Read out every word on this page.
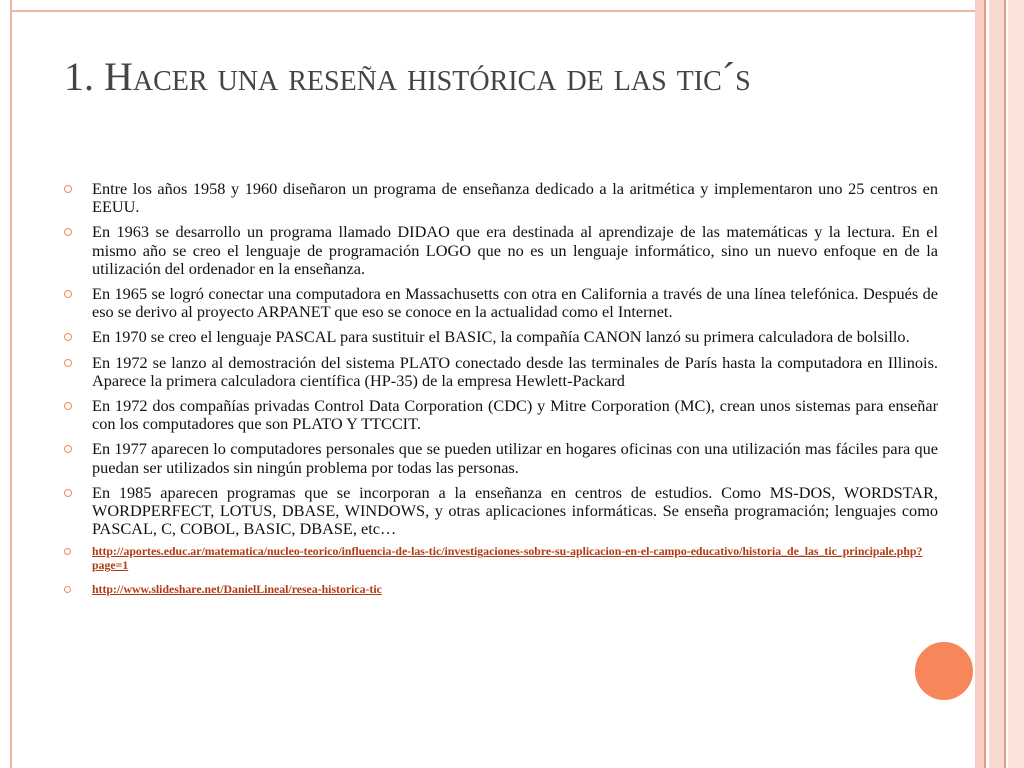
1. Hacer una reseña histórica de las tic´s
Entre los años 1958 y 1960 diseñaron un programa de enseñanza dedicado a la aritmética y implementaron uno 25 centros en EEUU.
En 1963 se desarrollo un programa llamado DIDAO que era destinada al aprendizaje de las matemáticas y la lectura. En el mismo año se creo el lenguaje de programación LOGO que no es un lenguaje informático, sino un nuevo enfoque en de la utilización del ordenador en la enseñanza.
En 1965 se logró conectar una computadora en Massachusetts con otra en California a través de una línea telefónica. Después de eso se derivo al proyecto ARPANET que eso se conoce en la actualidad como el Internet.
En 1970 se creo el lenguaje PASCAL para sustituir el BASIC, la compañía CANON lanzó su primera calculadora de bolsillo.
En 1972 se lanzo al demostración del sistema PLATO conectado desde las terminales de París hasta la computadora en Illinois. Aparece la primera calculadora científica (HP-35) de la empresa Hewlett-Packard
En 1972 dos compañías privadas Control Data Corporation (CDC) y Mitre Corporation (MC), crean unos sistemas para enseñar con los computadores que son PLATO Y TTCCIT.
En 1977 aparecen lo computadores personales que se pueden utilizar en hogares oficinas con una utilización mas fáciles para que puedan ser utilizados sin ningún problema por todas las personas.
En 1985 aparecen programas que se incorporan a la enseñanza en centros de estudios. Como MS-DOS, WORDSTAR, WORDPERFECT, LOTUS, DBASE, WINDOWS, y otras aplicaciones informáticas. Se enseña programación; lenguajes como PASCAL, C, COBOL, BASIC, DBASE, etc…
http://aportes.educ.ar/matematica/nucleo-teorico/influencia-de-las-tic/investigaciones-sobre-su-aplicacion-en-el-campo-educativo/historia_de_las_tic_principale.php?page=1
http://www.slideshare.net/DanielLineal/resea-historica-tic
